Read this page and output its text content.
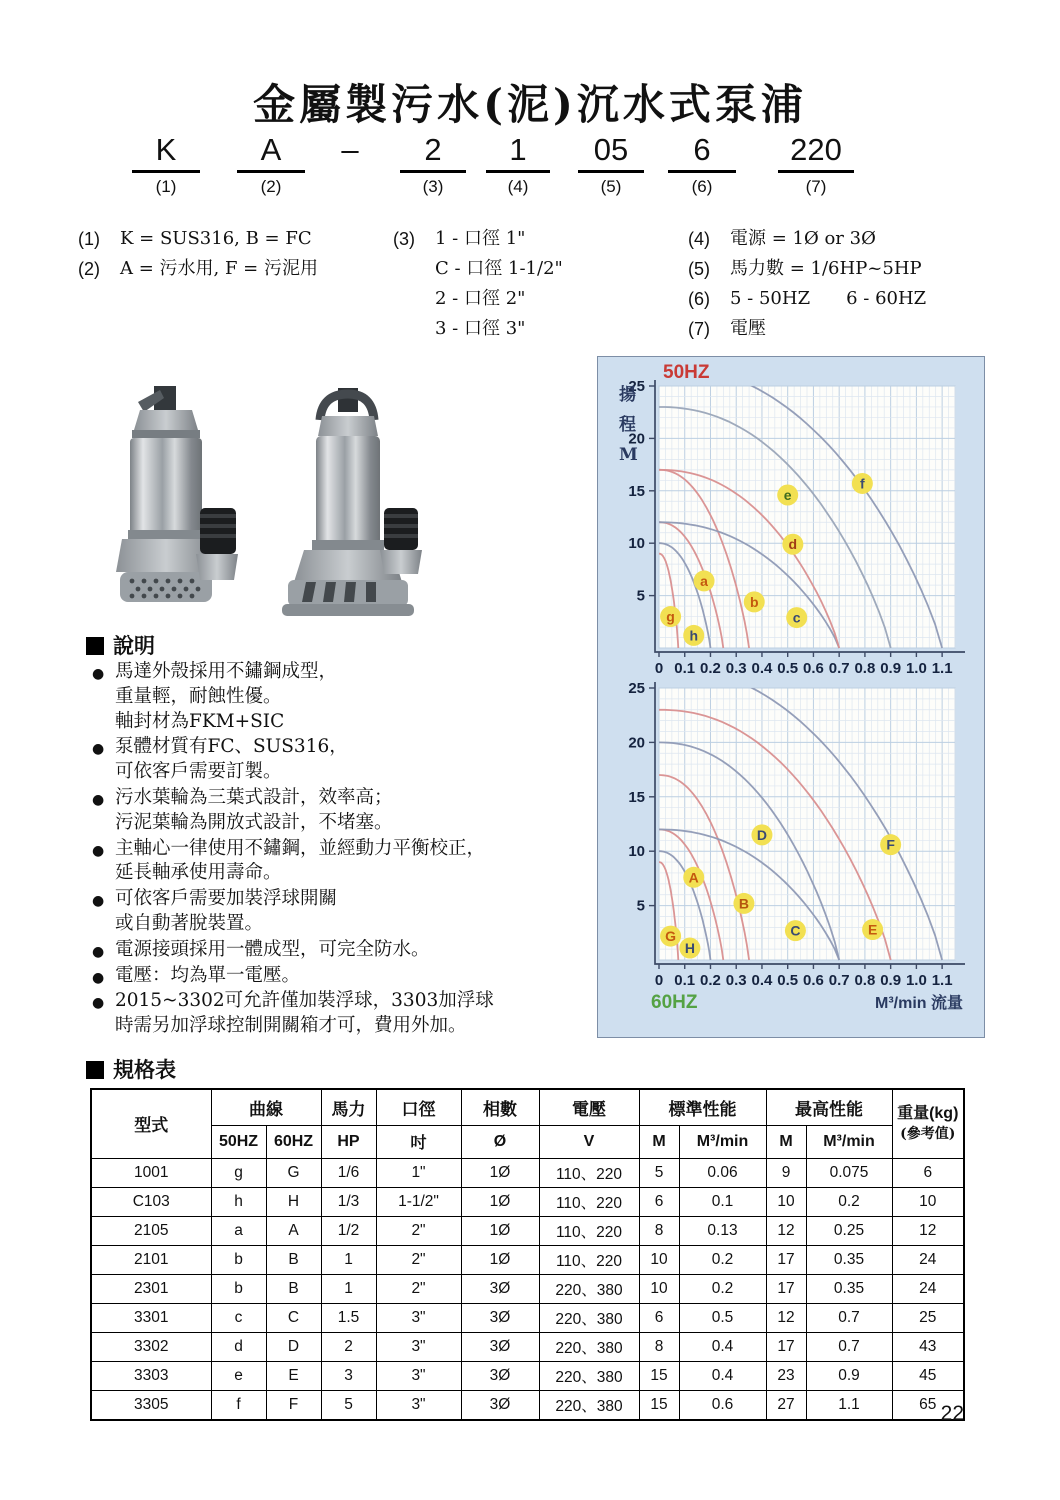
金屬製污水(泥)沉水式泵浦
K
(1)
A
(2)
–	2
(3)
1
(4)
05
(5)
6
(6)
220
(7)
(1)	K = SUS316, B = FC
(2)	A = 污水用, F = 污泥用
(3)	1 - 口徑 1"
C - 口徑 1-1/2"
2 - 口徑 2"
3 - 口徑 3"
(4)	電源 = 1Ø or 3Ø
(5)	馬力數 = 1/6HP~5HP
(6)	5 - 50HZ　　6 - 60HZ
(7)	電壓
5
10
15
20
25
0 0.1 0.2 0.3 0.4 0.5 0.6 0.7 0.8 0.9 1.0 1.1
g
h
a
b
c
d
e
f
50HZ
揚
程
M
5
10
15
20
25
0 0.1 0.2 0.3 0.4 0.5 0.6 0.7 0.8 0.9 1.0 1.1
G
H
A
B
C
D
E
F
60HZ	M³/min 流量
說明
● 馬達外殼採用不鏽鋼成型，
重量輕，耐蝕性優。
軸封材為FKM+SIC
● 泵體材質有FC、SUS316，
可依客戶需要訂製。
● 污水葉輪為三葉式設計，效率高；
污泥葉輪為開放式設計，不堵塞。
● 主軸心一律使用不鏽鋼，並經動力平衡校正，
延長軸承使用壽命。
● 可依客戶需要加裝浮球開關
或自動著脫裝置。
● 電源接頭採用一體成型，可完全防水。
● 電壓：均為單一電壓。
● 2015~3302可允許僅加裝浮球，3303加浮球
時需另加浮球控制開關箱才可，費用外加。
規格表
型式	曲線		馬力	口徑	相數	電壓	標準性能		最高性能		重量(kg)
(參考值)
	50HZ	60HZ	HP	吋	Ø	V	M	M³/min	M	M³/min	
1001	g	G	1/6	1"	1Ø	110、220	5	0.06	9	0.075	6
C103	h	H	1/3	1-1/2"	1Ø	110、220	6	0.1	10	0.2	10
2105	a	A	1/2	2"	1Ø	110、220	8	0.13	12	0.25	12
2101	b	B	1	2"	1Ø	110、220	10	0.2	17	0.35	24
2301	b	B	1	2"	3Ø	220、380	10	0.2	17	0.35	24
3301	c	C	1.5	3"	3Ø	220、380	6	0.5	12	0.7	25
3302	d	D	2	3"	3Ø	220、380	8	0.4	17	0.7	43
3303	e	E	3	3"	3Ø	220、380	15	0.4	23	0.9	45
3305	f	F	5	3"	3Ø	220、380	15	0.6	27	1.1	65 22
